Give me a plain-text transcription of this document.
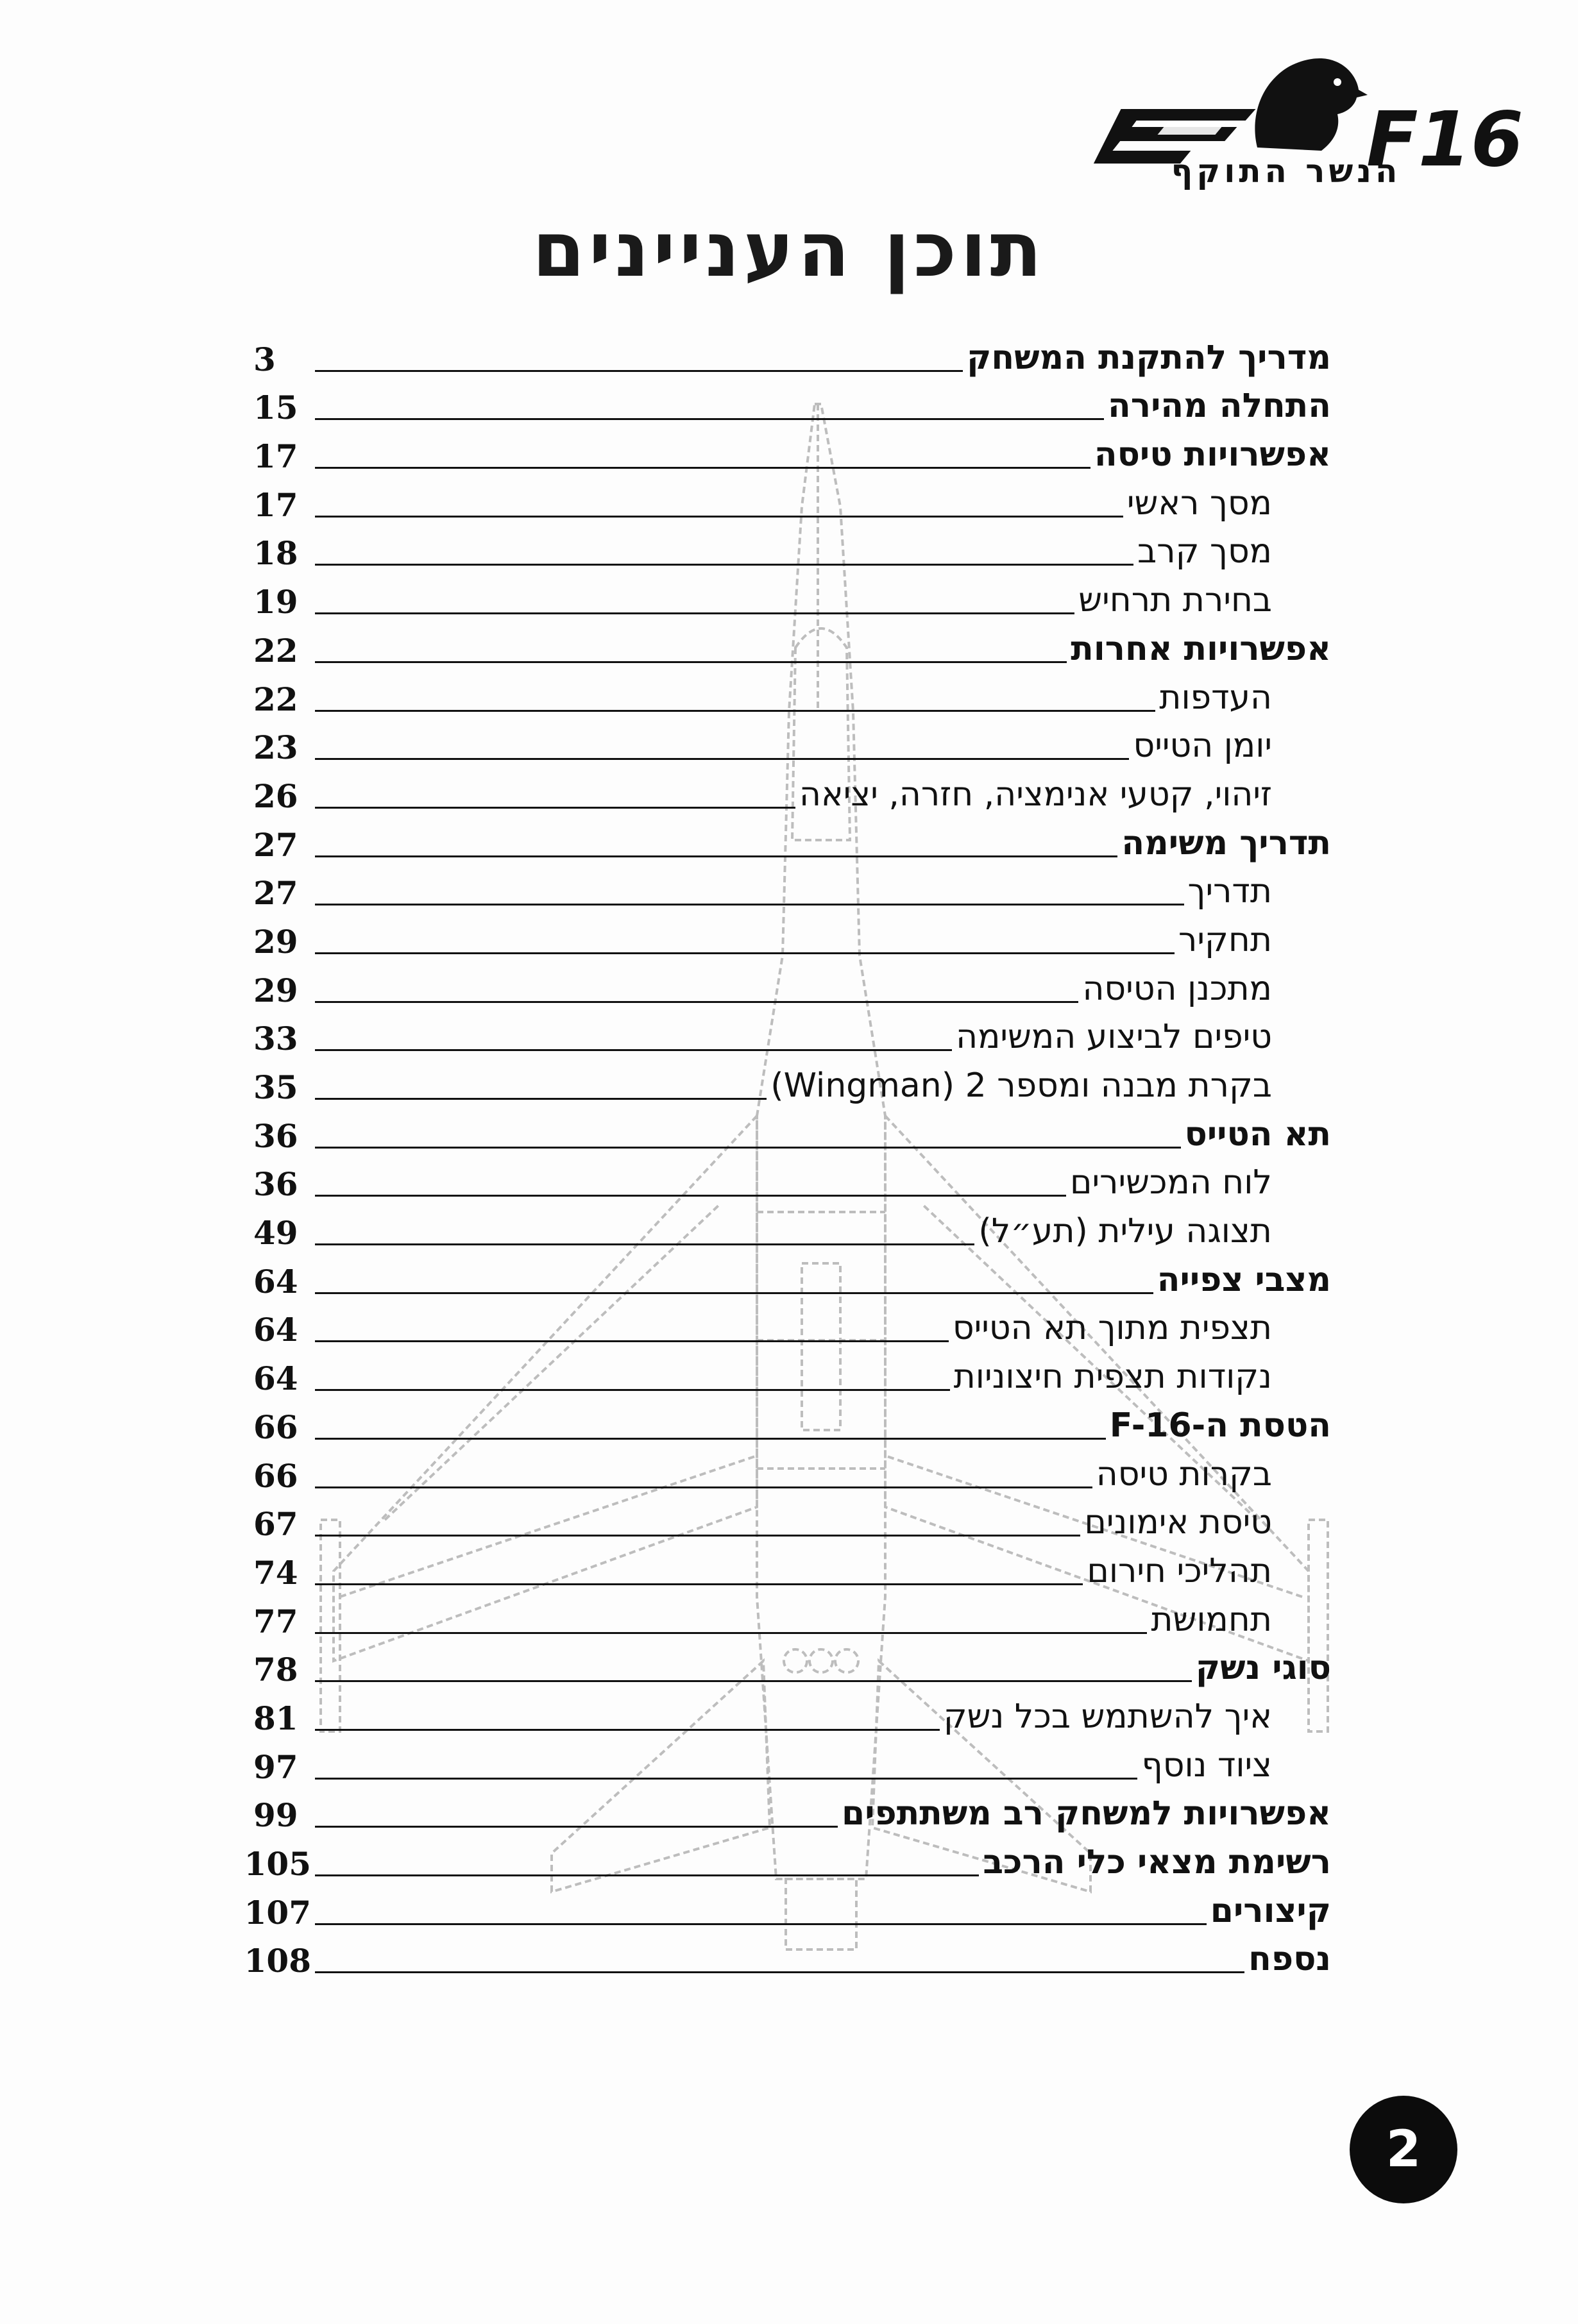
F16
הנשר התוקף
תוכן העניינים
מדריך להתקנת המשחק
3
התחלה מהירה
15
אפשרויות טיסה
17
מסך ראשי
17
מסך קרב
18
בחירת תרחיש
19
אפשרויות אחרות
22
העדפות
22
יומן הטייס
23
זיהוי, קטעי אנימציה, חזרה, יציאה
26
תדריך משימה
27
תדריך
27
תחקיר
29
מתכנן הטיסה
29
טיפים לביצוע המשימה
33
בקרת מבנה ומספר 2 (Wingman)
35
תא הטייס
36
לוח המכשירים
36
תצוגה עילית (תע״ל)
49
מצבי צפייה
64
תצפית מתוך תא הטייס
64
נקודות תצפית חיצוניות
64
הטסת ה-F-16
66
בקרות טיסה
66
טיסת אימונים
67
תהליכי חירום
74
תחמושת
77
סוגי נשק
78
איך להשתמש בכל נשק
81
ציוד נוסף
97
אפשרויות למשחק רב משתתפים
99
רשימת מצאי כלי הרכב
105
קיצורים
107
נספח
108
2
